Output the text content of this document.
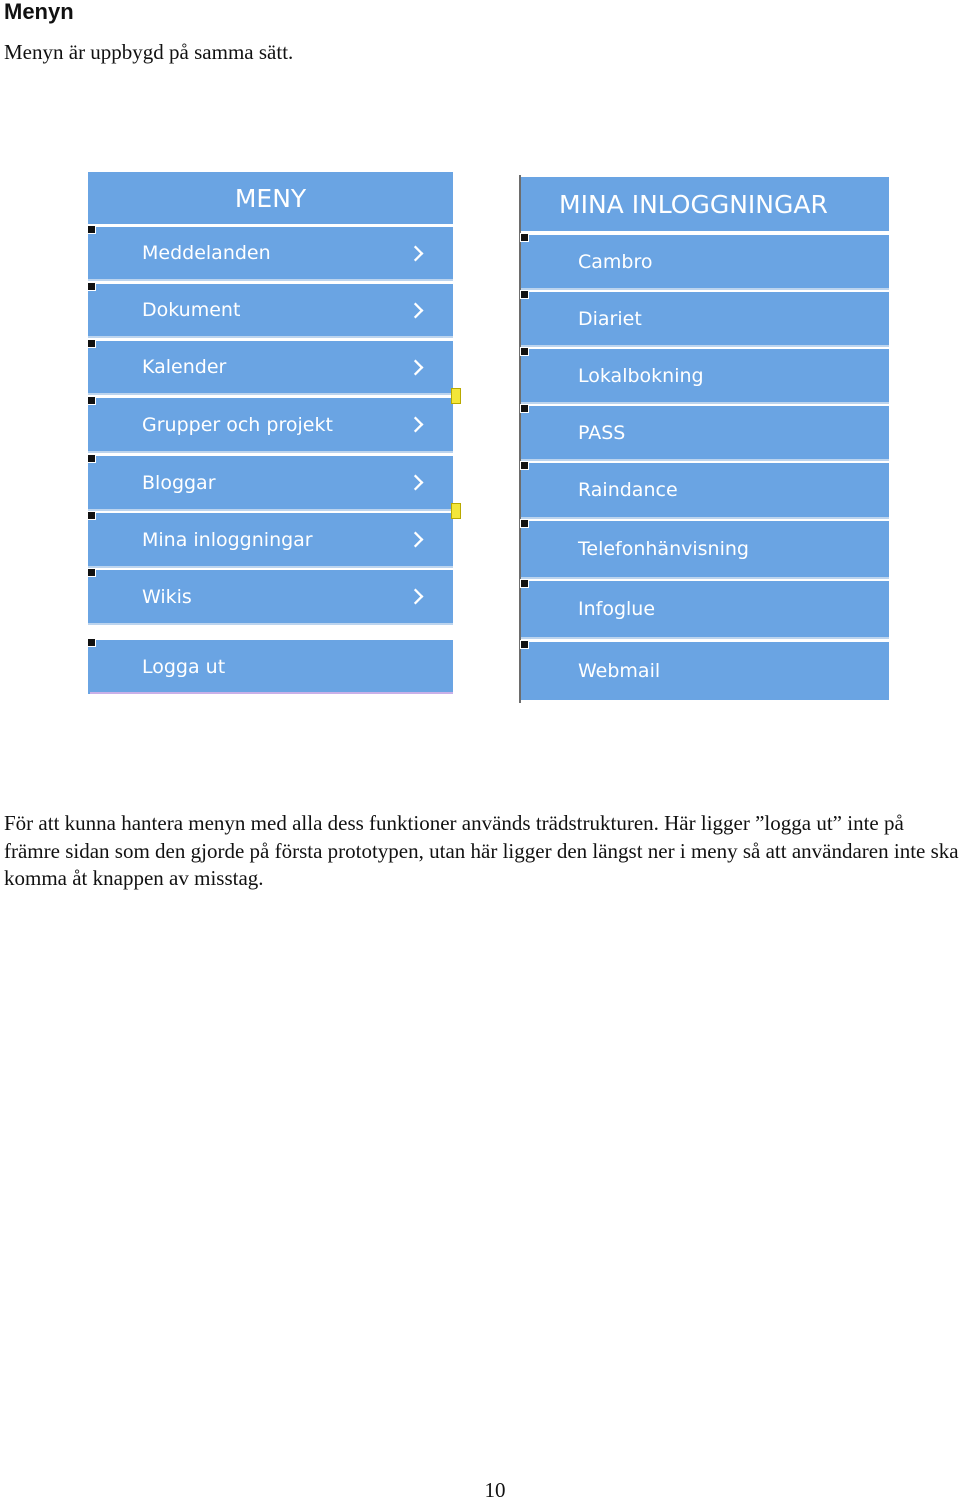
Menyn

Menyn är uppbygd på samma sätt.

MENY
Meddelanden
Dokument
Kalender
Grupper och projekt
Bloggar
Mina inloggningar
Wikis
Logga ut
MINA INLOGGNINGAR
Cambro
Diariet
Lokalbokning
PASS
Raindance
Telefonhänvisning
Infoglue
Webmail

För att kunna hantera menyn med alla dess funktioner används trädstrukturen. Här ligger ”logga ut” inte på främre sidan som den gjorde på första prototypen, utan här ligger den längst ner i meny så att användaren inte ska komma åt knappen av misstag.

10
